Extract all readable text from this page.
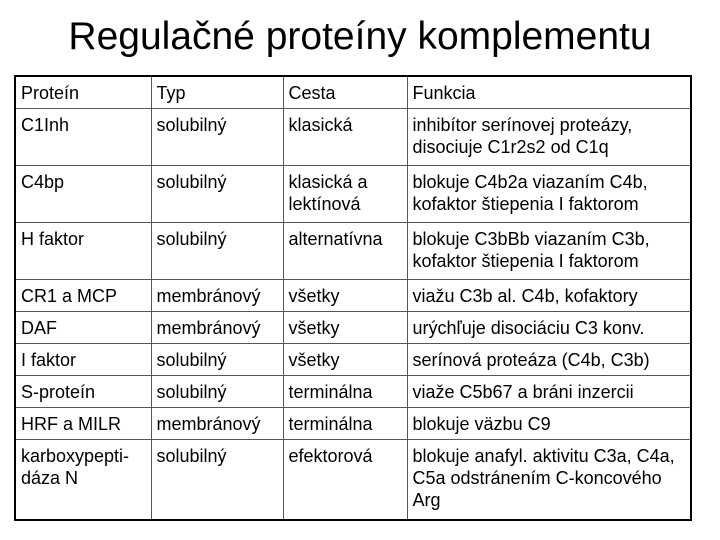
Regulačné proteíny komplementu
Proteín	Typ	Cesta	Funkcia
C1Inh	solubilný	klasická	inhibítor serínovej proteázy, disociuje C1r2s2 od C1q
C4bp	solubilný	klasická a lektínová	blokuje C4b2a viazaním C4b, kofaktor štiepenia I faktorom
H faktor	solubilný	alternatívna	blokuje C3bBb viazaním C3b, kofaktor štiepenia I faktorom
CR1 a MCP	membránový	všetky	viažu C3b al. C4b, kofaktory
DAF	membránový	všetky	urýchľuje disociáciu C3 konv.
I faktor	solubilný	všetky	serínová proteáza (C4b, C3b)
S-proteín	solubilný	terminálna	viaže C5b67 a bráni inzercii
HRF a MILR	membránový	terminálna	blokuje väzbu C9
karboxypepti-dáza N	solubilný	efektorová	blokuje anafyl. aktivitu C3a, C4a, C5a odstránením C-koncového Arg
